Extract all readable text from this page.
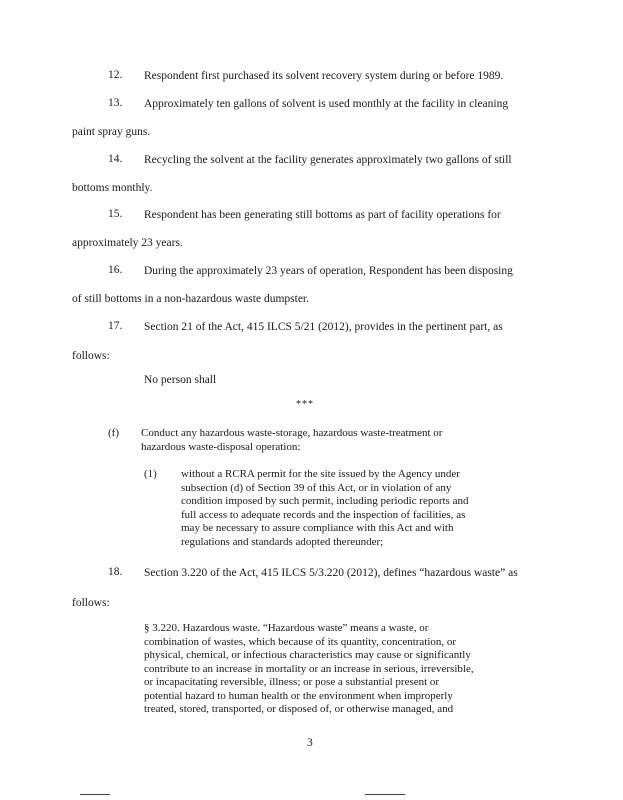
12. Respondent first purchased its solvent recovery system during or before 1989.
13. Approximately ten gallons of solvent is used monthly at the facility in cleaning
paint spray guns.
14. Recycling the solvent at the facility generates approximately two gallons of still
bottoms monthly.
15. Respondent has been generating still bottoms as part of facility operations for
approximately 23 years.
16. During the approximately 23 years of operation, Respondent has been disposing
of still bottoms in a non-hazardous waste dumpster.
17. Section 21 of the Act, 415 ILCS 5/21 (2012), provides in the pertinent part, as
follows:
No person shall
***
(f) Conduct any hazardous waste-storage, hazardous waste-treatment or
hazardous waste-disposal operation:
(1) without a RCRA permit for the site issued by the Agency under
subsection (d) of Section 39 of this Act, or in violation of any
condition imposed by such permit, including periodic reports and
full access to adequate records and the inspection of facilities, as
may be necessary to assure compliance with this Act and with
regulations and standards adopted thereunder;
18. Section 3.220 of the Act, 415 ILCS 5/3.220 (2012), defines “hazardous waste” as
follows:
§ 3.220. Hazardous waste. “Hazardous waste” means a waste, or
combination of wastes, which because of its quantity, concentration, or
physical, chemical, or infectious characteristics may cause or significantly
contribute to an increase in mortality or an increase in serious, irreversible,
or incapacitating reversible, illness; or pose a substantial present or
potential hazard to human health or the environment when improperly
treated, stored, transported, or disposed of, or otherwise managed, and
3
